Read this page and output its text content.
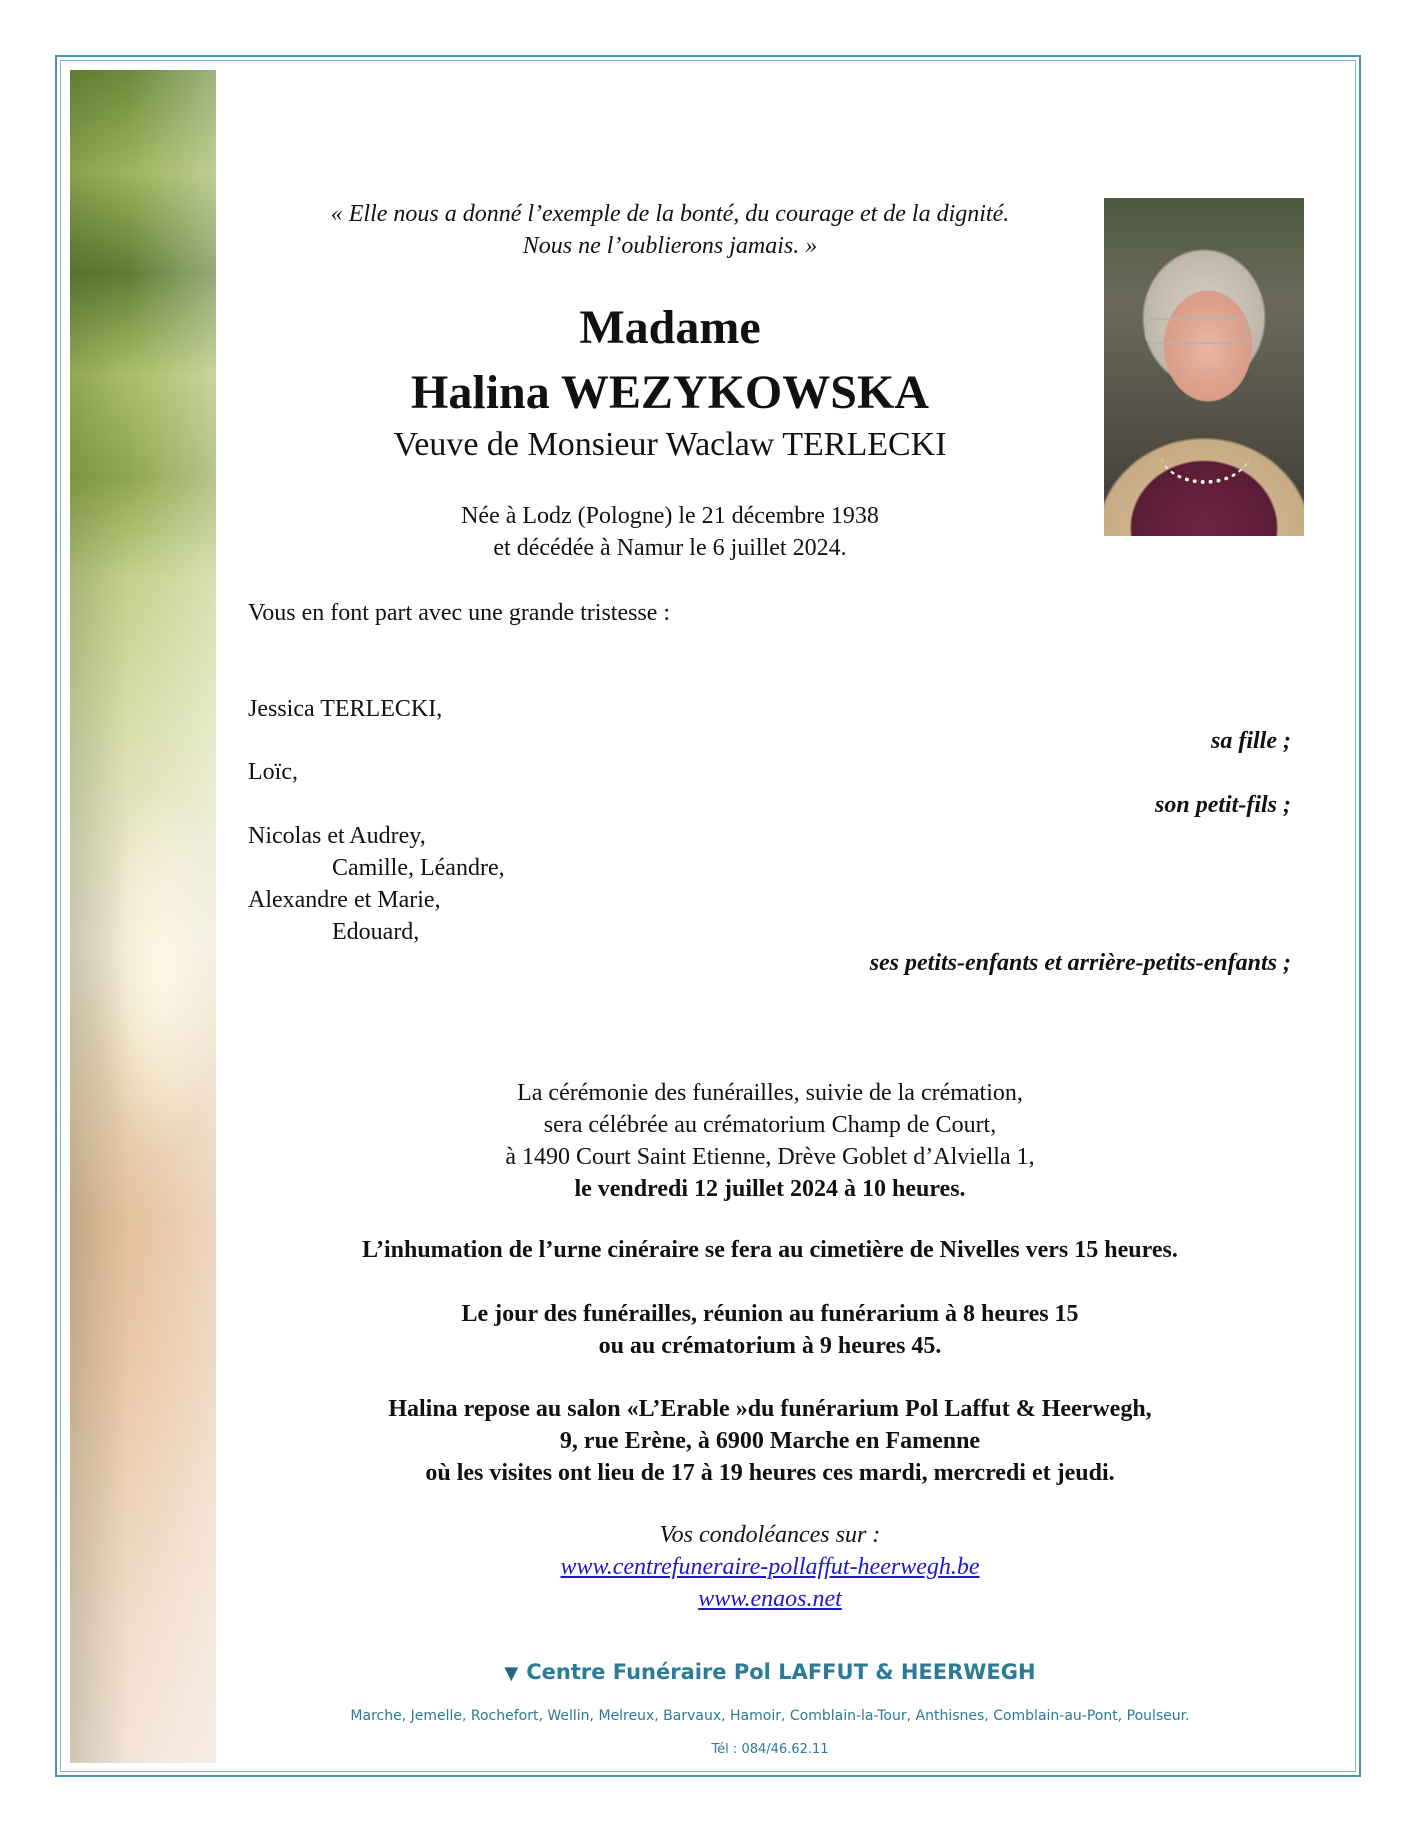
« Elle nous a donné l’exemple de la bonté, du courage et de la dignité.
Nous ne l’oublierons jamais. »
Madame
Halina WEZYKOWSKA
Veuve de Monsieur Waclaw TERLECKI
Née à Lodz (Pologne) le 21 décembre 1938
et décédée à Namur le 6 juillet 2024.
Vous en font part avec une grande tristesse :
Jessica TERLECKI,
sa fille ;
Loïc,
son petit-fils ;
Nicolas et Audrey,
Camille, Léandre,
Alexandre et Marie,
Edouard,
ses petits-enfants et arrière-petits-enfants ;
La cérémonie des funérailles, suivie de la crémation,
sera célébrée au crématorium Champ de Court,
à 1490 Court Saint Etienne, Drève Goblet d’Alviella 1,
le vendredi 12 juillet 2024 à 10 heures.
L’inhumation de l’urne cinéraire se fera au cimetière de Nivelles vers 15 heures.
Le jour des funérailles, réunion au funérarium à 8 heures 15
ou au crématorium à 9 heures 45.
Halina repose au salon «L’Erable »du funérarium Pol Laffut & Heerwegh,
9, rue Erène, à 6900 Marche en Famenne
où les visites ont lieu de 17 à 19 heures ces mardi, mercredi et jeudi.
Vos condoléances sur :
www.centrefuneraire-pollaffut-heerwegh.be
www.enaos.net
▼ Centre Funéraire Pol LAFFUT & HEERWEGH
Marche, Jemelle, Rochefort, Wellin, Melreux, Barvaux, Hamoir, Comblain-la-Tour, Anthisnes, Comblain-au-Pont, Poulseur.
Tél : 084/46.62.11
